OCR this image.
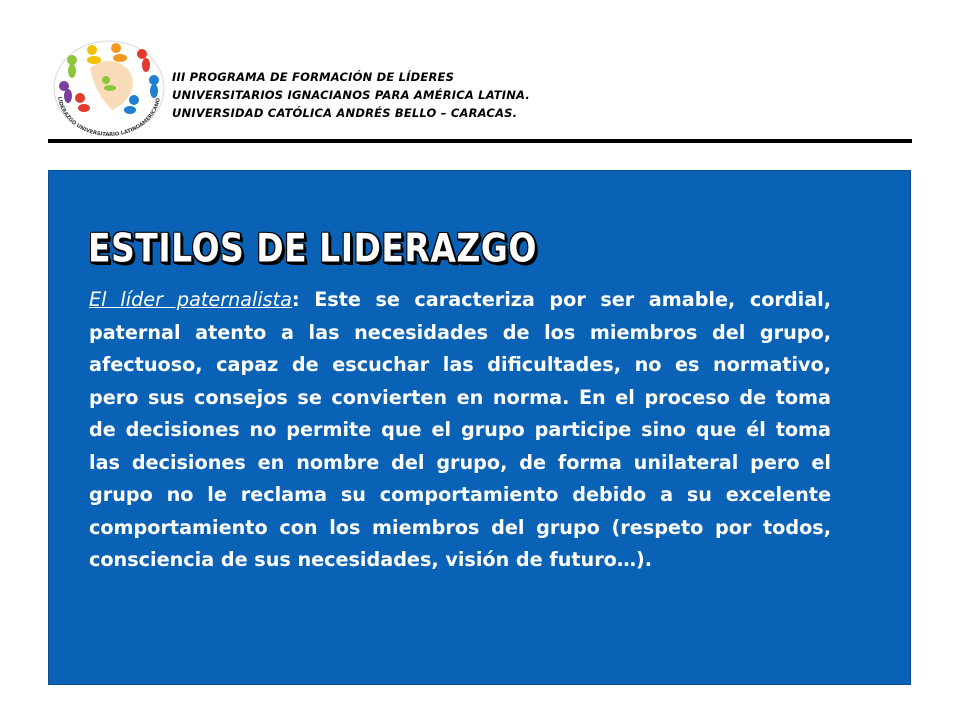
LIDERAZGO UNIVERSITARIO LATINOAMERICANO
III PROGRAMA DE FORMACIÓN DE LÍDERES
UNIVERSITARIOS IGNACIANOS PARA AMÉRICA LATINA.
UNIVERSIDAD CATÓLICA ANDRÉS BELLO – CARACAS.
ESTILOS DE LIDERAZGO
El líder paternalista: Este se caracteriza por ser amable, cordial, paternal atento a las necesidades de los miembros del grupo, afectuoso, capaz de escuchar las dificultades, no es normativo, pero sus consejos se convierten en norma. En el proceso de toma de decisiones no permite que el grupo participe sino que él toma las decisiones en nombre del grupo, de forma unilateral pero el grupo no le reclama su comportamiento debido a su excelente comportamiento con los miembros del grupo (respeto por todos, consciencia de sus necesidades, visión de futuro…).
